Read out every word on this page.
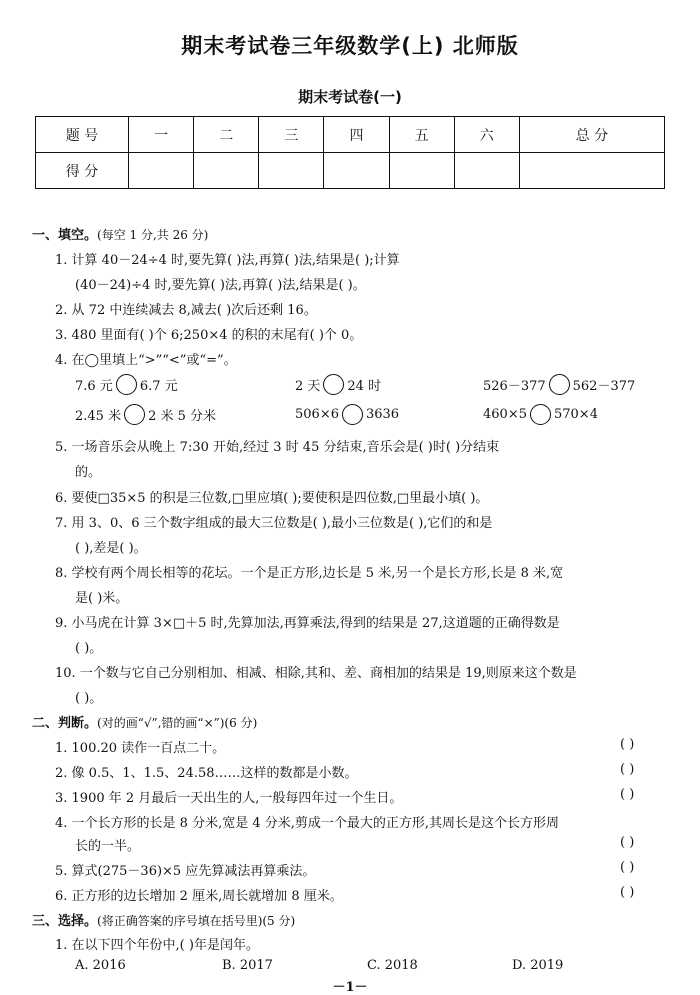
期末考试卷三年级数学(上) 北师版
期末考试卷(一)
题 号	一	二	三	四	五	六	总 分
得 分							
一、填空。(每空 1 分,共 26 分)
1. 计算 40－24÷4 时,要先算( )法,再算( )法,结果是( );计算
(40－24)÷4 时,要先算( )法,再算( )法,结果是( )。
2. 从 72 中连续减去 8,减去( )次后还剩 16。
3. 480 里面有( )个 6;250×4 的积的末尾有( )个 0。
4. 在◯里填上“>”“<”或“=”。
7.6 元 6.7 元	2 天 24 时	526－377 562－377
2.45 米 2 米 5 分米	506×6 3636	460×5 570×4
5. 一场音乐会从晚上 7:30 开始,经过 3 时 45 分结束,音乐会是( )时( )分结束
的。
6. 要使□35×5 的积是三位数,□里应填( );要使积是四位数,□里最小填( )。
7. 用 3、0、6 三个数字组成的最大三位数是( ),最小三位数是( ),它们的和是
( ),差是( )。
8. 学校有两个周长相等的花坛。一个是正方形,边长是 5 米,另一个是长方形,长是 8 米,宽
是( )米。
9. 小马虎在计算 3×□＋5 时,先算加法,再算乘法,得到的结果是 27,这道题的正确得数是
( )。
10. 一个数与它自己分别相加、相减、相除,其和、差、商相加的结果是 19,则原来这个数是
( )。
二、判断。(对的画“√”,错的画“×”)(6 分)
1. 100.20 读作一百点二十。	( )
2. 像 0.5、1、1.5、24.58……这样的数都是小数。	( )
3. 1900 年 2 月最后一天出生的人,一般每四年过一个生日。	( )
4. 一个长方形的长是 8 分米,宽是 4 分米,剪成一个最大的正方形,其周长是这个长方形周
长的一半。	( )
5. 算式(275－36)×5 应先算减法再算乘法。	( )
6. 正方形的边长增加 2 厘米,周长就增加 8 厘米。	( )
三、选择。(将正确答案的序号填在括号里)(5 分)
1. 在以下四个年份中,( )年是闰年。
A. 2016	B. 2017	C. 2018	D. 2019
－1－
